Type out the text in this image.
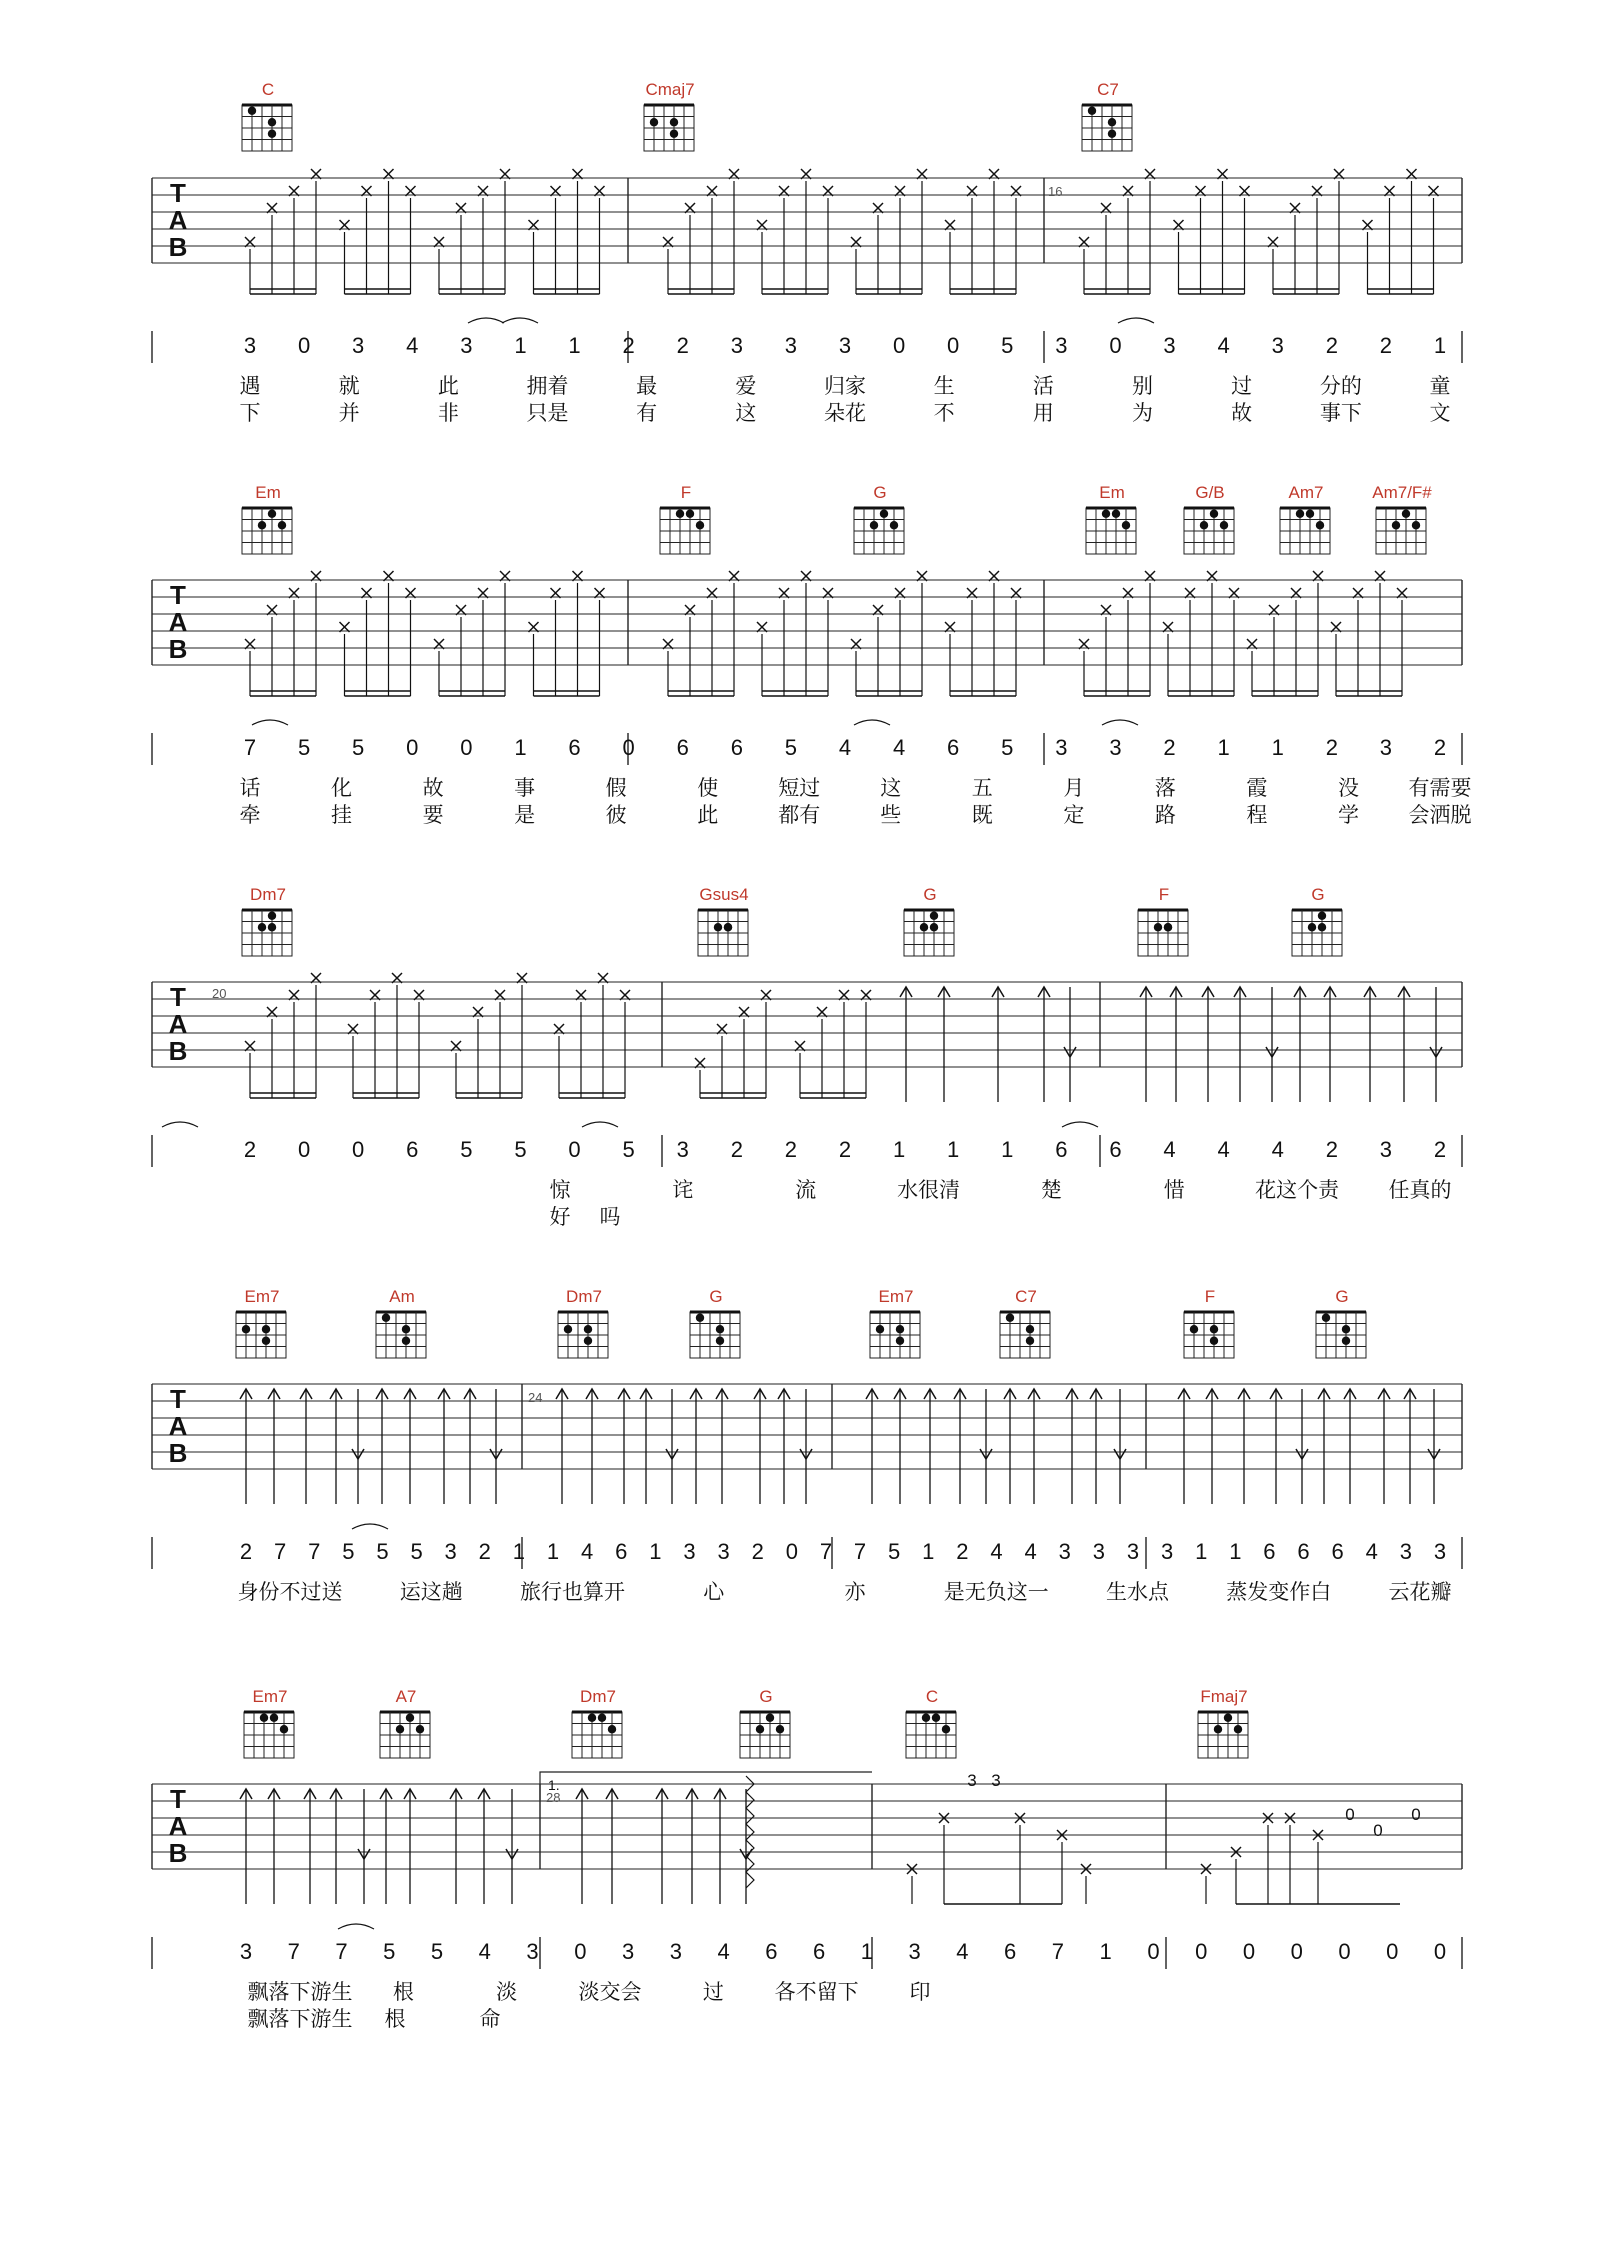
T
A
B
T
A
B
T
A
B
T
A
B
T
A
B
C	Cmaj7	C7
Em	F	G	Em	G/B	Am7	Am7/F#
Dm7	Gsus4	G	F	G
Em7	Am	Dm7	G	Em7	C7	F	G
Em7	A7	Dm7	G	C	Fmaj7
16
20
24
28
1.	3 3
0
0
0
3 0 3 4 3 1 1 2 2 3 3 3 0 0 5 3 0 3 4 3 2 2 1
遇	就	此	拥着	最	爱	归家	生	活	别	过	分的	童
下	并	非	只是	有	这	朵花	不	用	为	故	事下	文
7 5 5 0 0 1 6 0 6 6 5 4 4 6 5 3 3 2 1 1 2 3 2
话	化	故	事	假	使	短过	这	五	月	落	霞	没 有需要
牵	挂	要	是	彼	此	都有	些	既	定	路	程	学 会洒脱
2 0 0 6 5 5 0 5 3 2 2 2 1 1 1 6 6 4 4 4 2 3 2
惊	诧	流	水很清	楚	惜	花这个责 任真的
好 吗
2 7 7 5 5 5 3 2 1 1 4 6 1 3 3 2 0 7 7 5 1 2 4 4 3 3 3 3 1 1 6 6 6 4 3 3
身份不过送	运这趟	旅行也算开	心	亦	是无负这一	生水点	蒸发变作白	云花瓣
3 7 7 5 5 4 3 0 3 3 4 6 6 1 3 4 6 7 1 0 0 0 0 0 0 0
飘落下游生 根	淡	淡交会	过 各不留下 印
飘落下游生 根	命
